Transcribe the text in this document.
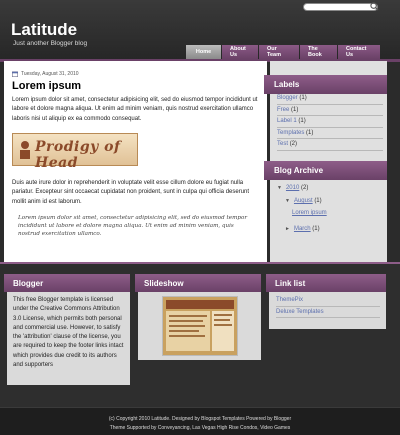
Latitude
Just another Blogger blog
Home	About Us
Our Team
The Book
Contact Us
Tuesday, August 31, 2010
Lorem ipsum
Lorem ipsum dolor sit amet, consectetur adipisicing elit, sed do eiusmod tempor incididunt ut labore et dolore magna aliqua. Ut enim ad minim veniam, quis nostrud exercitation ullamco laboris nisi ut aliquip ex ea commodo consequat.
Prodigy of Head
Duis aute irure dolor in reprehenderit in voluptate velit esse cillum dolore eu fugiat nulla pariatur. Excepteur sint occaecat cupidatat non proident, sunt in culpa qui officia deserunt mollit anim id est laborum.
Lorem ipsum dolor sit amet, consectetur adipisicing elit, sed do eiusmod tempor incididunt ut labore et dolore magna aliqua. Ut enim ad minim veniam, quis nostrud exercitation ullamco.
Labels
Blogger
(1)
Free
(1)
Label 1
(1)
Templates
(1)
Test
(2)
Blog Archive
▼ 2010
(2)
▼ August
(1)
Lorem ipsum
► March
(1)
Blogger
This free Blogger template is licensed under the Creative Commons Attribution 3.0 License, which permits both personal and commercial use. However, to satisfy the 'attribution' clause of the license, you are required to keep the footer links intact which provides due credit to its authors and supporters
Slideshow	Link list
ThemePix
Deluxe Templates
(c) Copyright 2010 Latitude. Designed by Blogspot Templates Powered by Blogger
Theme Supported by Conveyancing, Las Vegas High Rise Condos, Video Games
